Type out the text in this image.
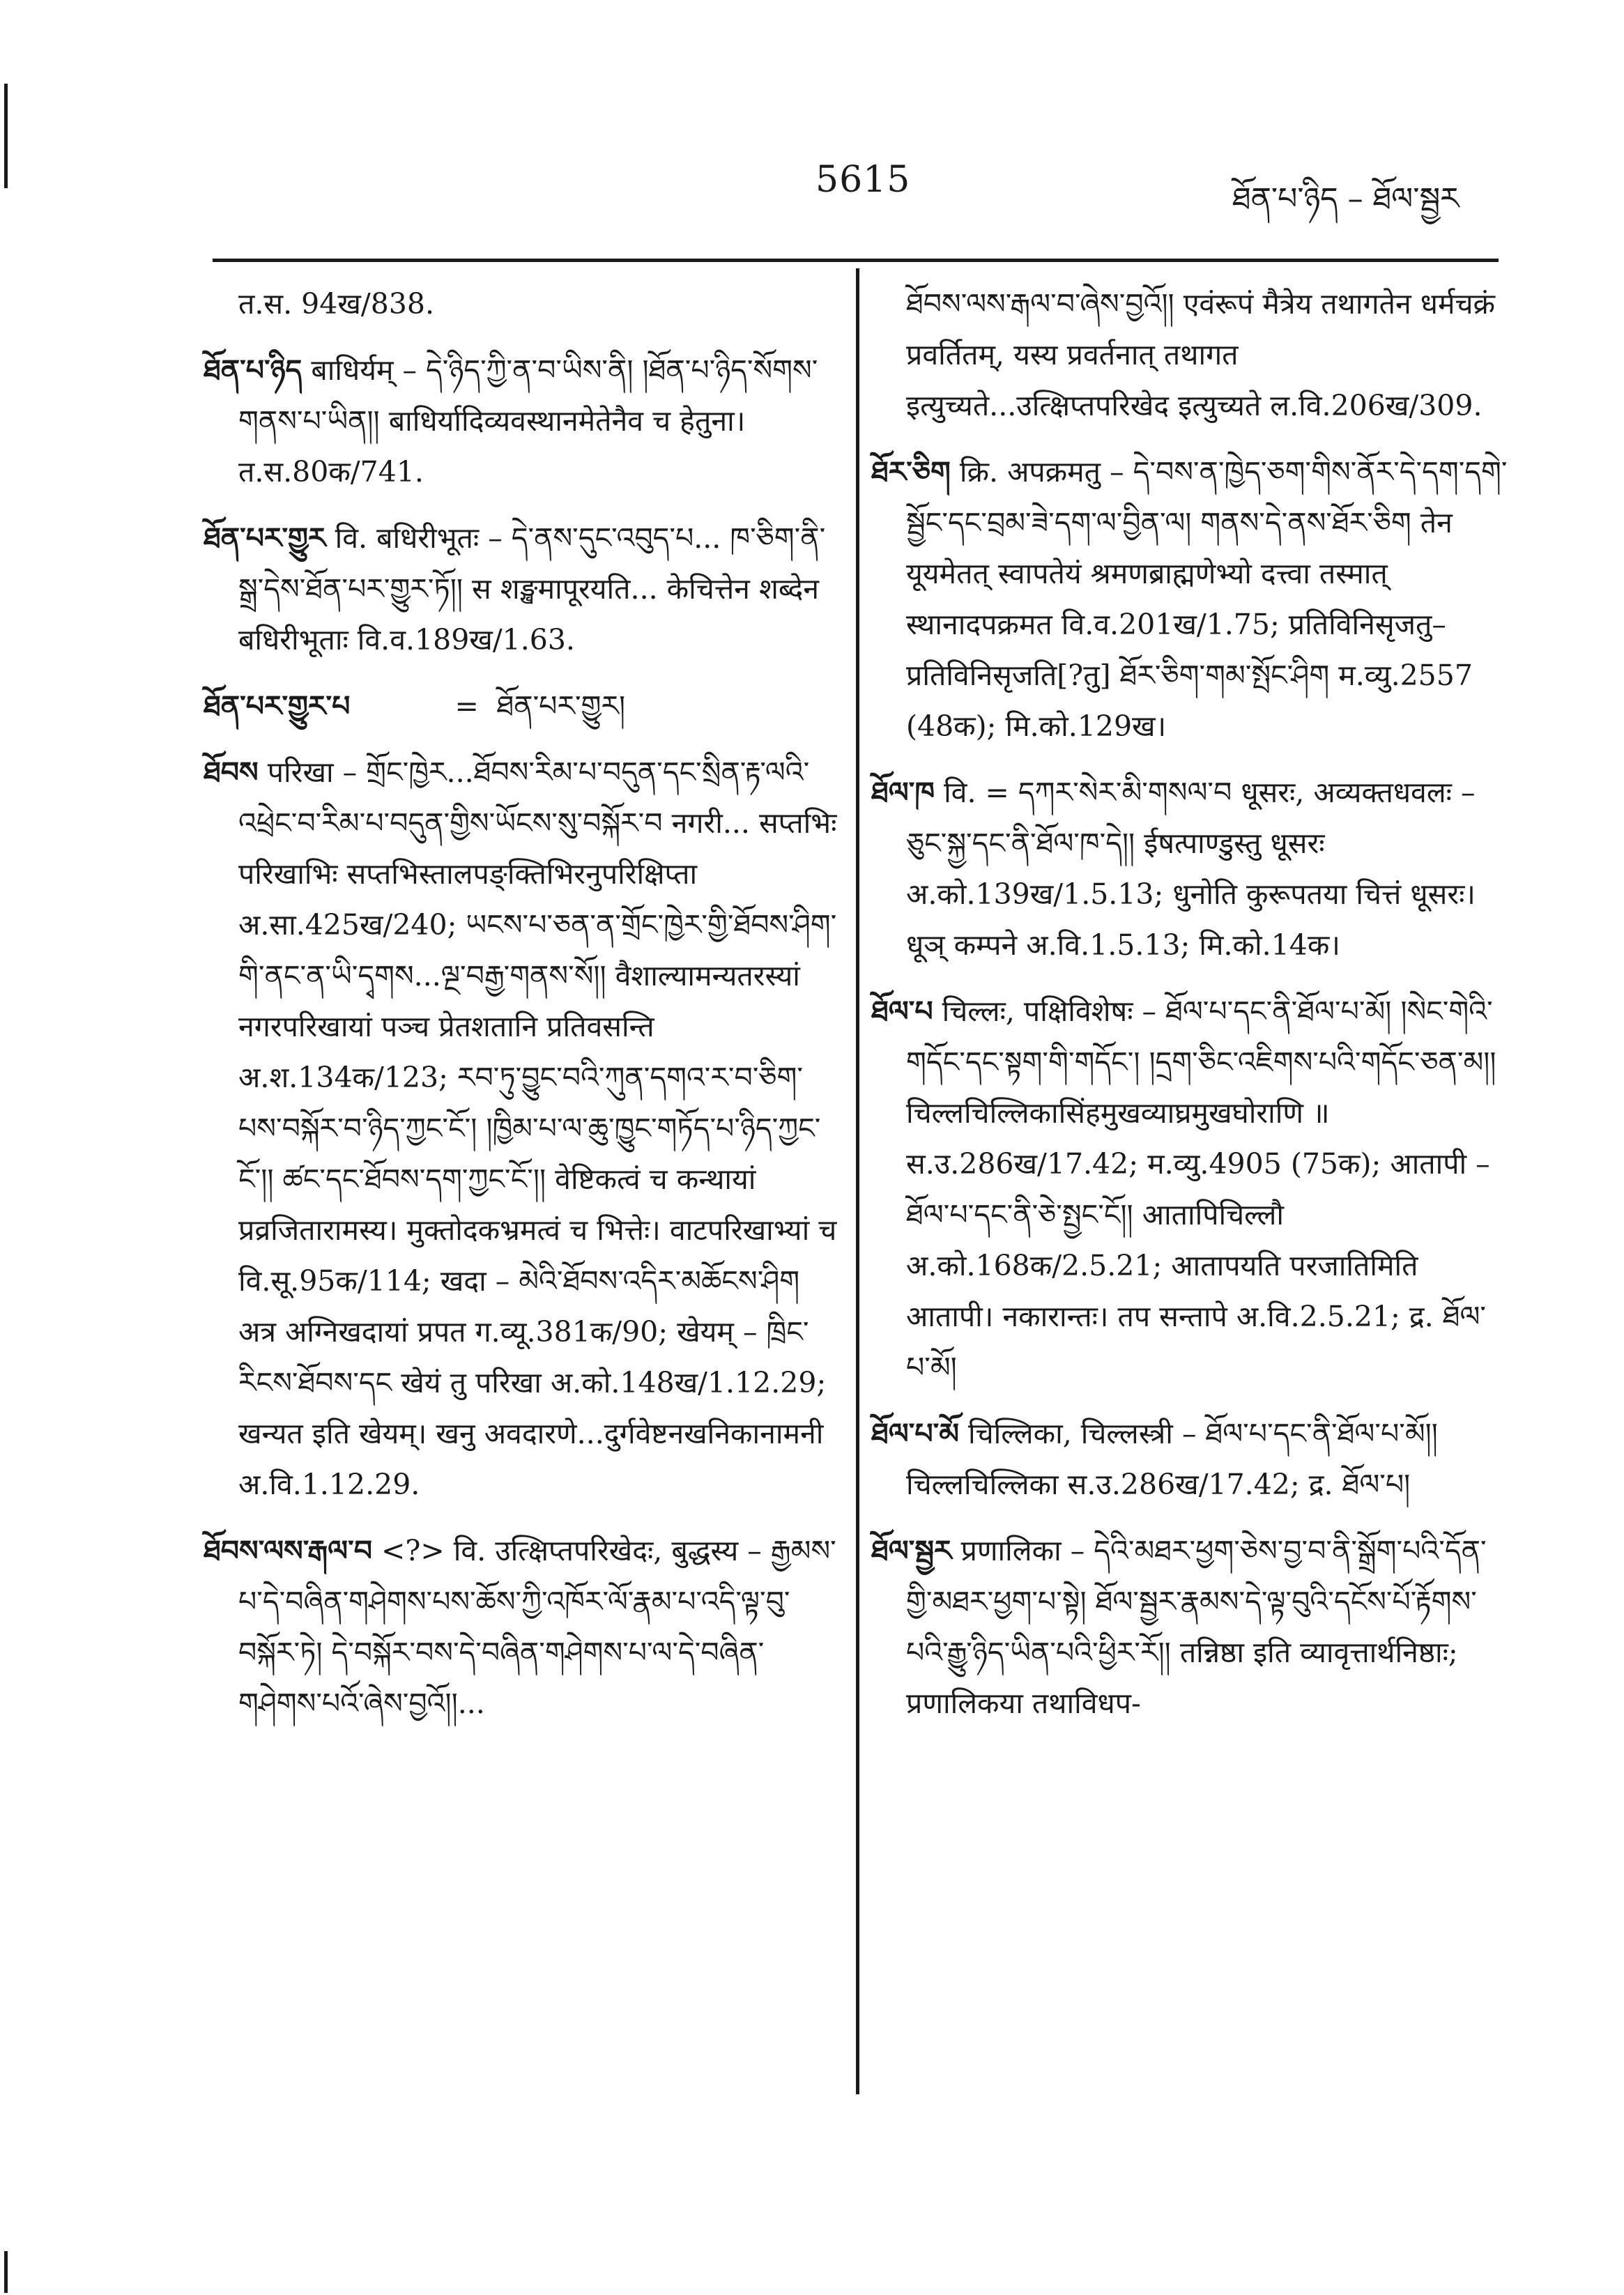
5615	ཐོན་པ་ཉིད – ཐོལ་སྦྱར
त.स. 94ख/838.
ཐོན་པ་ཉིད बाधिर्यम् – དེ་ཉིད་ཀྱི་ན་བ་ཡིས་ནི། །ཐོན་པ་ཉིད་སོགས་གནས་པ་ཡིན།། बाधिर्यादिव्यवस्थानमेतेनैव च हेतुना। त.स.80क/741.
ཐོན་པར་གྱུར वि. बधिरीभूतः – དེ་ནས་དུང་འབུད་པ... ཁ་ཅིག་ནི་སྒྲ་དེས་ཐོན་པར་གྱུར་ཏོ།། स शङ्खमापूरयति... केचित्तेन शब्देन बधिरीभूताः वि.व.189ख/1.63.
ཐོན་པར་གྱུར་པ	= ཐོན་པར་གྱུར།
ཐོབས परिखा – གྲོང་ཁྱེར...ཐོབས་རིམ་པ་བདུན་དང་སྲིན་རྟ་ལའི་འཕྲེང་བ་རིམ་པ་བདུན་གྱིས་ཡོངས་སུ་བསྐོར་བ नगरी... सप्तभिः परिखाभिः सप्तभिस्तालपङ्क्तिभिरनुपरिक्षिप्ता अ.सा.425ख/240; ཡངས་པ་ཅན་ན་གྲོང་ཁྱེར་གྱི་ཐོབས་ཤིག་གི་ནང་ན་ཡི་དྭགས...ལྔ་བརྒྱ་གནས་སོ།། वैशाल्यामन्यतरस्यां नगरपरिखायां पञ्च प्रेतशतानि प्रतिवसन्ति अ.श.134क/123; རབ་ཏུ་བྱུང་བའི་ཀུན་དགའ་ར་བ་ཅིག་པས་བསྐོར་བ་ཉིད་ཀྱང་ངོ་། །ཁྱིམ་པ་ལ་ཆུ་ཁྱུང་གཏོད་པ་ཉིད་ཀྱང་ངོ་།། ཚང་དང་ཐོབས་དག་ཀྱང་ངོ་།། वेष्टिकत्वं च कन्थायां प्रव्रजितारामस्य। मुक्तोदकभ्रमत्वं च भित्तेः। वाटपरिखाभ्यां च वि.सू.95क/114; खदा – མེའི་ཐོབས་འདིར་མཆོངས་ཤིག अत्र अग्निखदायां प्रपत ग.व्यू.381क/90; खेयम् – ཁྲིང་རིངས་ཐོབས་དང खेयं तु परिखा अ.को.148ख/1.12.29; खन्यत इति खेयम्। खनु अवदारणे...दुर्गवेष्टनखनिकानामनी अ.वि.1.12.29.
ཐོབས་ལས་རྒལ་བ <?> वि. उत्क्षिप्तपरिखेदः, बुद्धस्य – རྒྱམས་པ་དེ་བཞིན་གཤེགས་པས་ཆོས་ཀྱི་འཁོར་ལོ་རྣམ་པ་འདི་ལྟ་བུ་བསྐོར་ཏེ། དེ་བསྐོར་བས་དེ་བཞིན་གཤེགས་པ་ལ་དེ་བཞིན་གཤེགས་པའོ་ཞེས་བྱའོ།།...
ཐོབས་ལས་རྒལ་བ་ཞེས་བྱའོ།། एवंरूपं मैत्रेय तथागतेन धर्मचक्रं प्रवर्तितम्, यस्य प्रवर्तनात् तथागत इत्युच्यते...उत्क्षिप्तपरिखेद इत्युच्यते ल.वि.206ख/309.
ཐོར་ཅིག क्रि. अपक्रमतु – དེ་བས་ན་ཁྱེད་ཅག་གིས་ནོར་དེ་དག་དགེ་སྦྱོང་དང་བྲམ་ཟེ་དག་ལ་བྱིན་ལ། གནས་དེ་ནས་ཐོར་ཅིག तेन यूयमेतत् स्वापतेयं श्रमणब्राह्मणेभ्यो दत्त्वा तस्मात् स्थानादपक्रमत वि.व.201ख/1.75; प्रतिविनिसृजतु–प्रतिविनिसृजति[?तु] ཐོར་ཅིག་གམ་སྤོང་ཤིག म.व्यु.2557 (48क); मि.को.129ख।
ཐོལ་ཁ वि. = དཀར་སེར་མི་གསལ་བ धूसरः, अव्यक्तधवलः – ཅུང་སྐྱ་དང་ནི་ཐོལ་ཁ་དེ།། ईषत्पाण्डुस्तु धूसरः अ.को.139ख/1.5.13; धुनोति कुरूपतया चित्तं धूसरः। धूञ् कम्पने अ.वि.1.5.13; मि.को.14क।
ཐོལ་པ चिल्लः, पक्षिविशेषः – ཐོལ་པ་དང་ནི་ཐོལ་པ་མོ། །སེང་གེའི་གདོང་དང་སྟག་གི་གདོང་། །དྲག་ཅིང་འཇིགས་པའི་གདོང་ཅན་མ།། चिल्लचिल्लिकासिंहमुखव्याघ्रमुखघोराणि ॥ स.उ.286ख/17.42; म.व्यु.4905 (75क); आतापी – ཐོལ་པ་དང་ནི་ཅེ་སྤྱང་ངོ།། आतापिचिल्लौ अ.को.168क/2.5.21; आतापयति परजातिमिति आतापी। नकारान्तः। तप सन्तापे अ.वि.2.5.21; द्र. ཐོལ་པ་མོ།
ཐོལ་པ་མོ चिल्लिका, चिल्लस्त्री – ཐོལ་པ་དང་ནི་ཐོལ་པ་མོ།། चिल्लचिल्लिका स.उ.286ख/17.42; द्र. ཐོལ་པ།
ཐོལ་སྦྱར प्रणालिका – དེའི་མཐར་ཕྱག་ཅེས་བྱ་བ་ནི་སྒྲོག་པའི་དོན་གྱི་མཐར་ཕྱག་པ་སྟེ། ཐོལ་སྦྱར་རྣམས་དེ་ལྟ་བུའི་དངོས་པོ་རྟོགས་པའི་རྒྱུ་ཉིད་ཡིན་པའི་ཕྱིར་རོ།། तन्निष्ठा इति व्यावृत्तार्थनिष्ठाः; प्रणालिकया तथाविधप-
